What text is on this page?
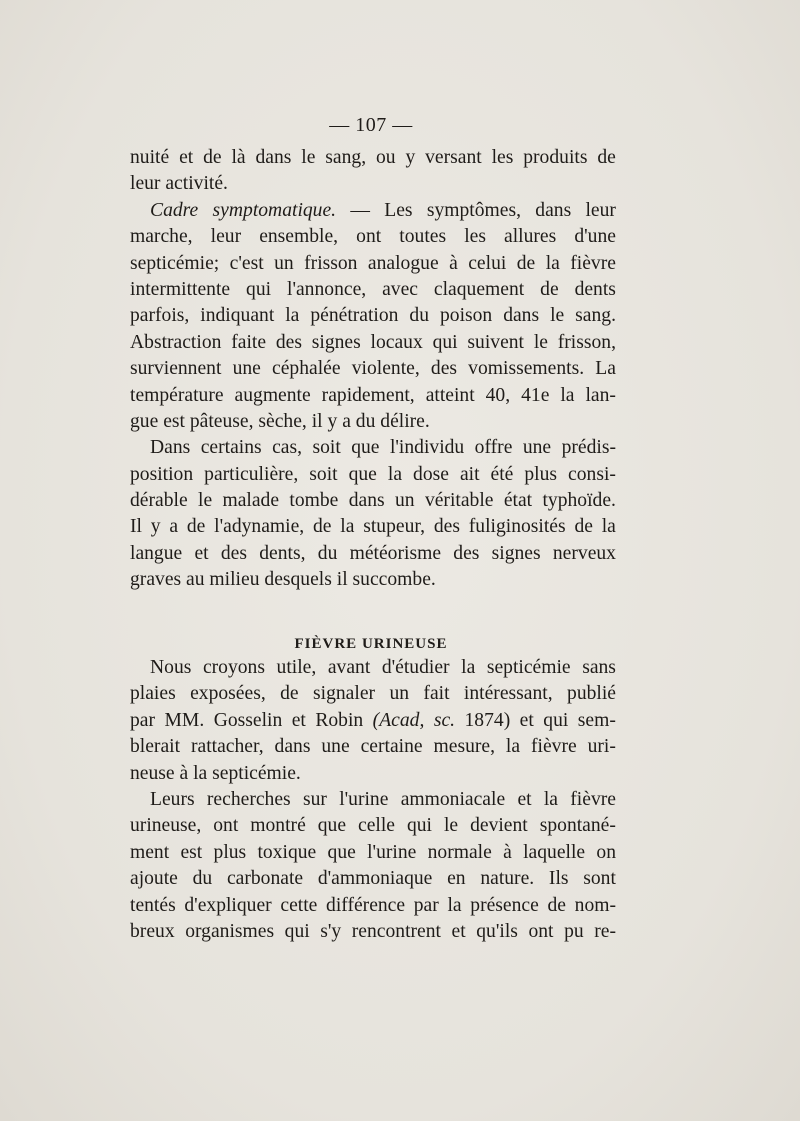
— 107 —
nuité et de là dans le sang, ou y versant les produits de
leur activité.
Cadre symptomatique. — Les symptômes, dans leur
marche, leur ensemble, ont toutes les allures d'une
septicémie; c'est un frisson analogue à celui de la fièvre
intermittente qui l'annonce, avec claquement de dents
parfois, indiquant la pénétration du poison dans le sang.
Abstraction faite des signes locaux qui suivent le frisson,
surviennent une céphalée violente, des vomissements. La
température augmente rapidement, atteint 40, 41e la lan-
gue est pâteuse, sèche, il y a du délire.
Dans certains cas, soit que l'individu offre une prédis-
position particulière, soit que la dose ait été plus consi-
dérable le malade tombe dans un véritable état typhoïde.
Il y a de l'adynamie, de la stupeur, des fuliginosités de la
langue et des dents, du météorisme des signes nerveux
graves au milieu desquels il succombe.
FIÈVRE URINEUSE
Nous croyons utile, avant d'étudier la septicémie sans
plaies exposées, de signaler un fait intéressant, publié
par MM. Gosselin et Robin (Acad, sc. 1874) et qui sem-
blerait rattacher, dans une certaine mesure, la fièvre uri-
neuse à la septicémie.
Leurs recherches sur l'urine ammoniacale et la fièvre
urineuse, ont montré que celle qui le devient spontané-
ment est plus toxique que l'urine normale à laquelle on
ajoute du carbonate d'ammoniaque en nature. Ils sont
tentés d'expliquer cette différence par la présence de nom-
breux organismes qui s'y rencontrent et qu'ils ont pu re-
